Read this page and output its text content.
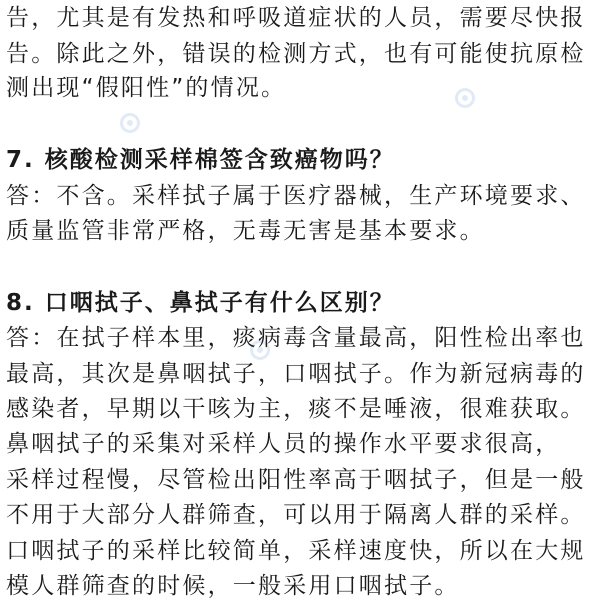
告，尤其是有发热和呼吸道症状的人员，需要尽快报
告。除此之外，错误的检测方式，也有可能使抗原检
测出现“假阳性”的情况。
7. 核酸检测采样棉签含致癌物吗？
答：不含。采样拭子属于医疗器械，生产环境要求、
质量监管非常严格，无毒无害是基本要求。
8. 口咽拭子、鼻拭子有什么区别？
答：在拭子样本里，痰病毒含量最高，阳性检出率也
最高，其次是鼻咽拭子，口咽拭子。作为新冠病毒的
感染者，早期以干咳为主，痰不是唾液，很难获取。
鼻咽拭子的采集对采样人员的操作水平要求很高，
采样过程慢，尽管检出阳性率高于咽拭子，但是一般
不用于大部分人群筛查，可以用于隔离人群的采样。
口咽拭子的采样比较简单，采样速度快，所以在大规
模人群筛查的时候，一般采用口咽拭子。
